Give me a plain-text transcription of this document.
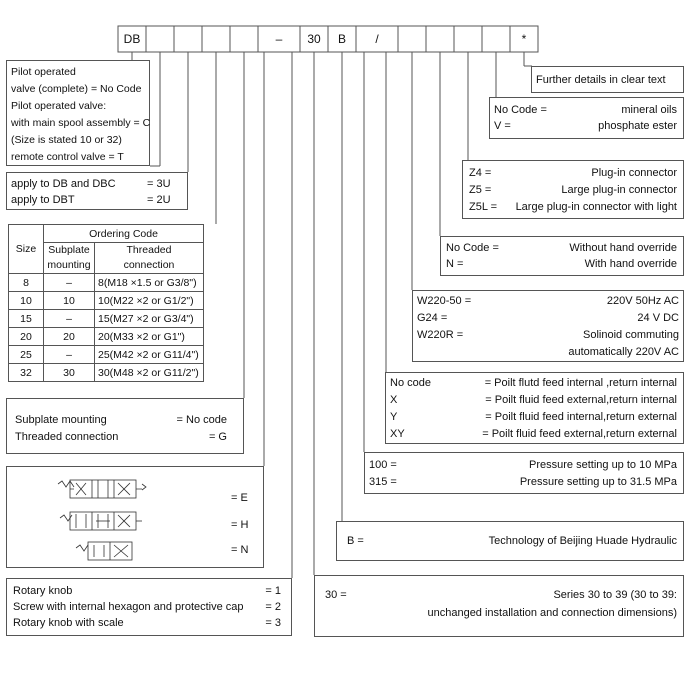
DB	–	30	B	/	*
Further details in clear text
No Code =	mineral oils
V =	phosphate ester
Z4 =	Plug-in connector
Z5 =	Large plug-in connector
Z5L = Large plug-in connector with light
No Code =	Without hand override
N =	With hand override
W220-50 =	220V 50Hz AC
G24 =	24 V DC
W220R =	Solinoid commuting
automatically 220V AC
No code	= Poilt flutd feed internal ,return internal
X	= Poilt fluid feed external,return internal
Y	= Poilt fluid feed internal,return external
XY	= Poilt fluid feed external,return external
100 =	Pressure setting up to 10 MPa
315 =	Pressure setting up to 31.5 MPa
B =	Technology of Beijing Huade Hydraulic
30 =	Series 30 to 39 (30 to 39:
unchanged installation and connection dimensions)
Pilot operated
valve (complete) = No Code
Pilot operated valve:
with main spool assembly = C
(Size is stated 10 or 32)
remote control valve = T
apply to DB and DBC	= 3U
apply to DBT	= 2U
Size	Ordering Code	
	Subplate
mounting	Threaded
connection
8	–	8(M18 ×1.5 or G3/8")
10	10	10(M22 ×2 or G1/2")
15	–	15(M27 ×2 or G3/4")
20	20	20(M33 ×2 or G1")
25	–	25(M42 ×2 or G11/4")
32	30	30(M48 ×2 or G11/2")
Subplate mounting	= No code
Threaded connection	= G
= E
= H
= N
Rotary knob	= 1
Screw with internal hexagon and protective cap = 2
Rotary knob with scale	= 3
